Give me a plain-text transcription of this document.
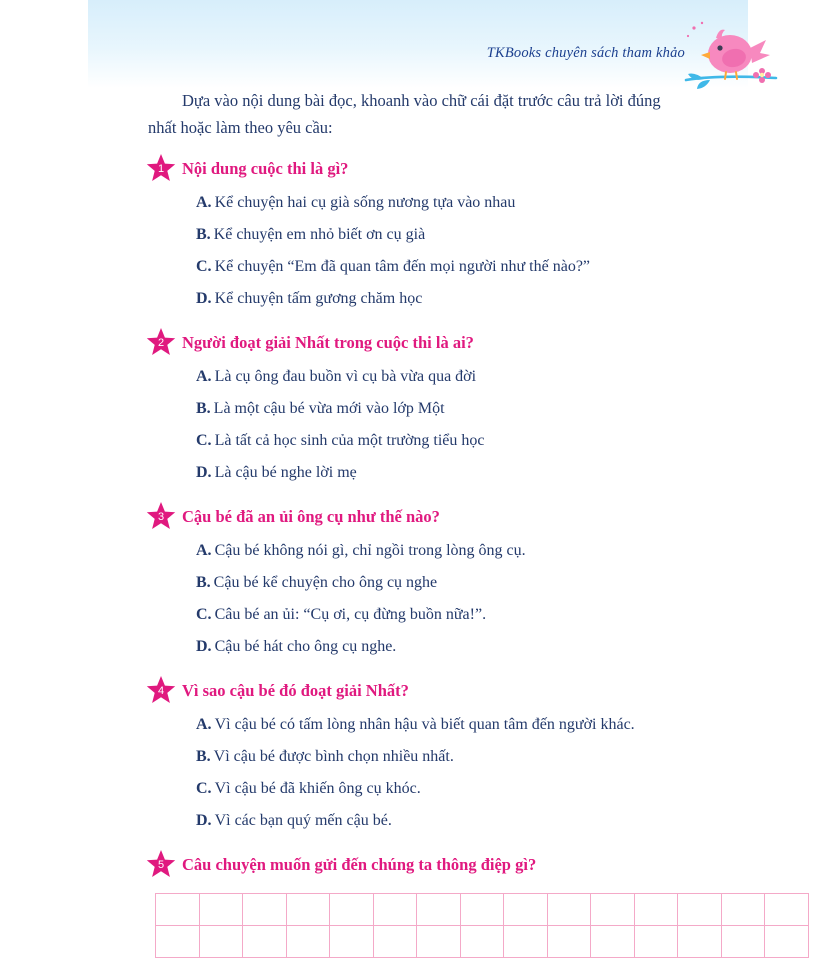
TKBooks chuyên sách tham khảo

Dựa vào nội dung bài đọc, khoanh vào chữ cái đặt trước câu trả lời đúng nhất hoặc làm theo yêu cầu:

1	Nội dung cuộc thi là gì?
A. Kể chuyện hai cụ già sống nương tựa vào nhau
B. Kể chuyện em nhỏ biết ơn cụ già
C. Kể chuyện “Em đã quan tâm đến mọi người như thế nào?”
D. Kể chuyện tấm gương chăm học
2	Người đoạt giải Nhất trong cuộc thi là ai?
A. Là cụ ông đau buồn vì cụ bà vừa qua đời
B. Là một cậu bé vừa mới vào lớp Một
C. Là tất cả học sinh của một trường tiểu học
D. Là cậu bé nghe lời mẹ
3	Cậu bé đã an ủi ông cụ như thế nào?
A. Cậu bé không nói gì, chỉ ngồi trong lòng ông cụ.
B. Cậu bé kể chuyện cho ông cụ nghe
C. Câu bé an ủi: “Cụ ơi, cụ đừng buồn nữa!”.
D. Cậu bé hát cho ông cụ nghe.
4	Vì sao cậu bé đó đoạt giải Nhất?
A. Vì cậu bé có tấm lòng nhân hậu và biết quan tâm đến người khác.
B. Vì cậu bé được bình chọn nhiều nhất.
C. Vì cậu bé đã khiến ông cụ khóc.
D. Vì các bạn quý mến cậu bé.
5	Câu chuyện muốn gửi đến chúng ta thông điệp gì?
